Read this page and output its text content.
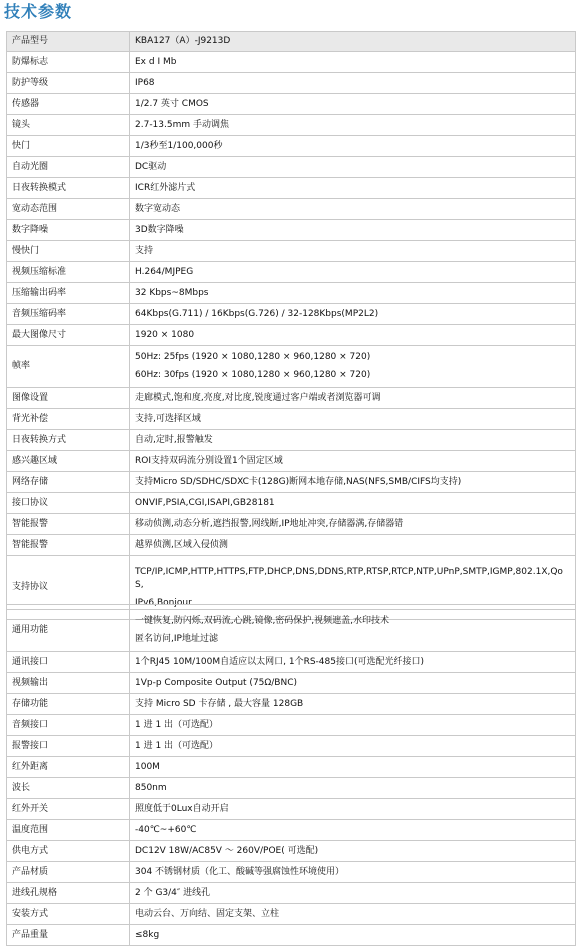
技术参数
产品型号	KBA127（A）-J9213D

防爆标志	Ex d I Mb

防护等级	IP68

传感器	1/2.7 英寸 CMOS

镜头	2.7-13.5mm 手动调焦

快门	1/3秒至1/100,000秒

自动光圈	DC驱动

日夜转换模式	ICR红外滤片式

宽动态范围	数字宽动态

数字降噪	3D数字降噪

慢快门	支持

视频压缩标准	H.264/MJPEG

压缩输出码率	32 Kbps~8Mbps

音频压缩码率	64Kbps(G.711) / 16Kbps(G.726) / 32-128Kbps(MP2L2)

最大图像尺寸	1920 × 1080

帧率	50Hz: 25fps (1920 × 1080,1280 × 960,1280 × 720)
60Hz: 30fps (1920 × 1080,1280 × 960,1280 × 720)

图像设置	走廊模式,饱和度,亮度,对比度,锐度通过客户端或者浏览器可调

背光补偿	支持,可选择区域

日夜转换方式	自动,定时,报警触发

感兴趣区域	ROI支持双码流分别设置1个固定区域

网络存储	支持Micro SD/SDHC/SDXC卡(128G)断网本地存储,NAS(NFS,SMB/CIFS均支持)

接口协议	ONVIF,PSIA,CGI,ISAPI,GB28181

智能报警	移动侦测,动态分析,遮挡报警,网线断,IP地址冲突,存储器满,存储器错

智能报警	越界侦测,区域入侵侦测

支持协议	TCP/IP,ICMP,HTTP,HTTPS,FTP,DHCP,DNS,DDNS,RTP,RTSP,RTCP,NTP,UPnP,SMTP,IGMP,802.1X,QoS,
IPv6,Bonjour
通用功能	一键恢复,防闪烁,双码流,心跳,镜像,密码保护,视频遮盖,水印技术
匿名访问,IP地址过滤

通讯接口	1个RJ45 10M/100M自适应以太网口, 1个RS-485接口(可选配光纤接口)

视频输出	1Vp-p Composite Output (75Ω/BNC)

存储功能	支持 Micro SD 卡存储 , 最大容量 128GB

音频接口	1 进 1 出（可选配）

报警接口	1 进 1 出（可选配）

红外距离	100M

波长	850nm

红外开关	照度低于0Lux自动开启

温度范围	-40℃~+60℃

供电方式	DC12V 18W/AC85V ～ 260V/POE( 可选配)

产品材质	304 不锈钢材质（化工、酸碱等强腐蚀性环境使用）

进线孔规格	2 个 G3/4″ 进线孔

安装方式	电动云台、万向结、固定支架、立柱

产品重量	≤8kg
